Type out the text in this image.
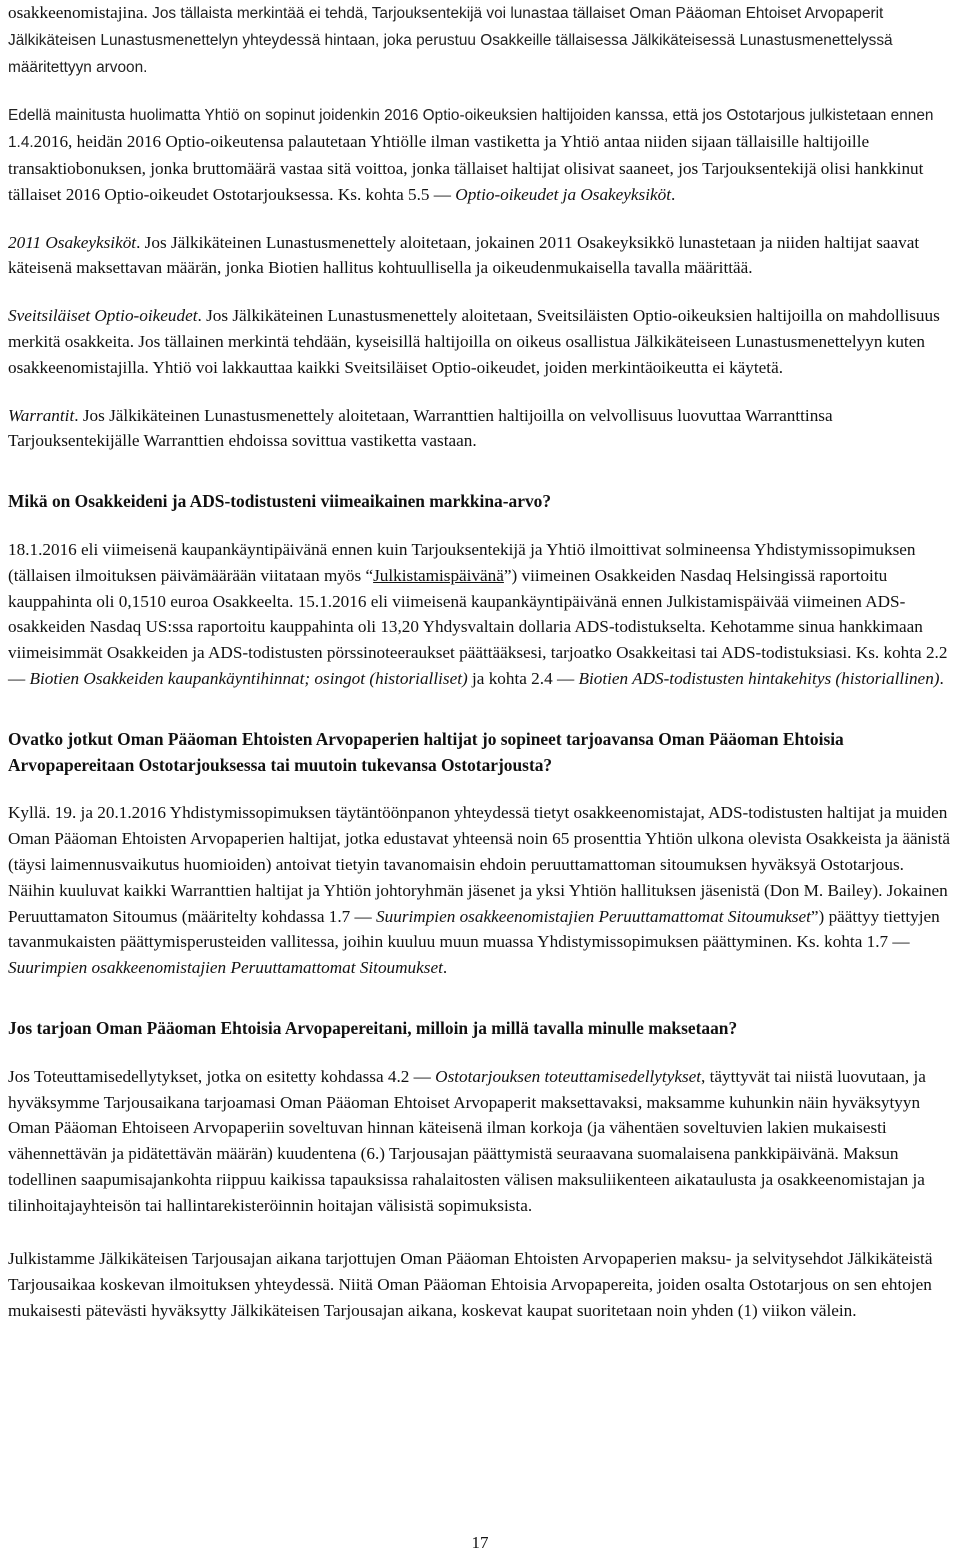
osakkeenomistajina. Jos tällaista merkintää ei tehdä, Tarjouksentekijä voi lunastaa tällaiset Oman Pääoman Ehtoiset Arvopaperit Jälkikäteisen Lunastusmenettelyn yhteydessä hintaan, joka perustuu Osakkeille tällaisessa Jälkikäteisessä Lunastusmenettelyssä määritettyyn arvoon.

Edellä mainitusta huolimatta Yhtiö on sopinut joidenkin 2016 Optio-oikeuksien haltijoiden kanssa, että jos Ostotarjous julkistetaan ennen 1.4.2016, heidän 2016 Optio-oikeutensa palautetaan Yhtiölle ilman vastiketta ja Yhtiö antaa niiden sijaan tällaisille haltijoille transaktiobonuksen, jonka bruttomäärä vastaa sitä voittoa, jonka tällaiset haltijat olisivat saaneet, jos Tarjouksentekijä olisi hankkinut tällaiset 2016 Optio-oikeudet Ostotarjouksessa. Ks. kohta 5.5 — Optio-oikeudet ja Osakeyksiköt.

2011 Osakeyksiköt. Jos Jälkikäteinen Lunastusmenettely aloitetaan, jokainen 2011 Osakeyksikkö lunastetaan ja niiden haltijat saavat käteisenä maksettavan määrän, jonka Biotien hallitus kohtuullisella ja oikeudenmukaisella tavalla määrittää.

Sveitsiläiset Optio-oikeudet. Jos Jälkikäteinen Lunastusmenettely aloitetaan, Sveitsiläisten Optio-oikeuksien haltijoilla on mahdollisuus merkitä osakkeita. Jos tällainen merkintä tehdään, kyseisillä haltijoilla on oikeus osallistua Jälkikäteiseen Lunastusmenettelyyn kuten osakkeenomistajilla. Yhtiö voi lakkauttaa kaikki Sveitsiläiset Optio-oikeudet, joiden merkintäoikeutta ei käytetä.

Warrantit. Jos Jälkikäteinen Lunastusmenettely aloitetaan, Warranttien haltijoilla on velvollisuus luovuttaa Warranttinsa Tarjouksentekijälle Warranttien ehdoissa sovittua vastiketta vastaan.

Mikä on Osakkeideni ja ADS-todistusteni viimeaikainen markkina-arvo?

18.1.2016 eli viimeisenä kaupankäyntipäivänä ennen kuin Tarjouksentekijä ja Yhtiö ilmoittivat solmineensa Yhdistymissopimuksen (tällaisen ilmoituksen päivämäärään viitataan myös “Julkistamispäivänä”) viimeinen Osakkeiden Nasdaq Helsingissä raportoitu kauppahinta oli 0,1510 euroa Osakkeelta. 15.1.2016 eli viimeisenä kaupankäyntipäivänä ennen Julkistamispäivää viimeinen ADS-osakkeiden Nasdaq US:ssa raportoitu kauppahinta oli 13,20 Yhdysvaltain dollaria ADS-todistukselta. Kehotamme sinua hankkimaan viimeisimmät Osakkeiden ja ADS-todistusten pörssinoteeraukset päättääksesi, tarjoatko Osakkeitasi tai ADS-todistuksiasi. Ks. kohta 2.2 — Biotien Osakkeiden kaupankäyntihinnat; osingot (historialliset) ja kohta 2.4 — Biotien ADS-todistusten hintakehitys (historiallinen).

Ovatko jotkut Oman Pääoman Ehtoisten Arvopaperien haltijat jo sopineet tarjoavansa Oman Pääoman Ehtoisia Arvopapereitaan Ostotarjouksessa tai muutoin tukevansa Ostotarjousta?

Kyllä. 19. ja 20.1.2016 Yhdistymissopimuksen täytäntöönpanon yhteydessä tietyt osakkeenomistajat, ADS-todistusten haltijat ja muiden Oman Pääoman Ehtoisten Arvopaperien haltijat, jotka edustavat yhteensä noin 65 prosenttia Yhtiön ulkona olevista Osakkeista ja äänistä (täysi laimennusvaikutus huomioiden) antoivat tietyin tavanomaisin ehdoin peruuttamattoman sitoumuksen hyväksyä Ostotarjous. Näihin kuuluvat kaikki Warranttien haltijat ja Yhtiön johtoryhmän jäsenet ja yksi Yhtiön hallituksen jäsenistä (Don M. Bailey). Jokainen Peruuttamaton Sitoumus (määritelty kohdassa 1.7 — Suurimpien osakkeenomistajien Peruuttamattomat Sitoumukset”) päättyy tiettyjen tavanmukaisten päättymisperusteiden vallitessa, joihin kuuluu muun muassa Yhdistymissopimuksen päättyminen. Ks. kohta 1.7 — Suurimpien osakkeenomistajien Peruuttamattomat Sitoumukset.

Jos tarjoan Oman Pääoman Ehtoisia Arvopapereitani, milloin ja millä tavalla minulle maksetaan?

Jos Toteuttamisedellytykset, jotka on esitetty kohdassa 4.2 — Ostotarjouksen toteuttamisedellytykset, täyttyvät tai niistä luovutaan, ja hyväksymme Tarjousaikana tarjoamasi Oman Pääoman Ehtoiset Arvopaperit maksettavaksi, maksamme kuhunkin näin hyväksytyyn Oman Pääoman Ehtoiseen Arvopaperiin soveltuvan hinnan käteisenä ilman korkoja (ja vähentäen soveltuvien lakien mukaisesti vähennettävän ja pidätettävän määrän) kuudentena (6.) Tarjousajan päättymistä seuraavana suomalaisena pankkipäivänä. Maksun todellinen saapumisajankohta riippuu kaikissa tapauksissa rahalaitosten välisen maksuliikenteen aikataulusta ja osakkeenomistajan ja tilinhoitajayhteisön tai hallintarekisteröinnin hoitajan välisistä sopimuksista.

Julkistamme Jälkikäteisen Tarjousajan aikana tarjottujen Oman Pääoman Ehtoisten Arvopaperien maksu- ja selvitysehdot Jälkikäteistä Tarjousaikaa koskevan ilmoituksen yhteydessä. Niitä Oman Pääoman Ehtoisia Arvopapereita, joiden osalta Ostotarjous on sen ehtojen mukaisesti pätevästi hyväksytty Jälkikäteisen Tarjousajan aikana, koskevat kaupat suoritetaan noin yhden (1) viikon välein.

17
